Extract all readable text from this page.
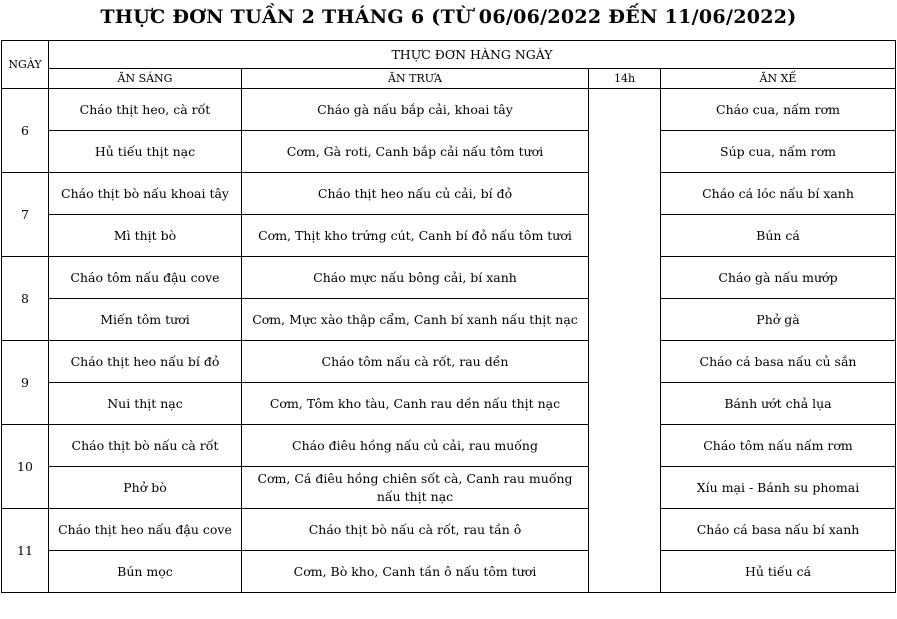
THỰC ĐƠN TUẦN 2 THÁNG 6 (TỪ 06/06/2022 ĐẾN 11/06/2022)
NGÀY	THỰC ĐƠN HÀNG NGÀY			
	ĂN SÁNG	ĂN TRƯA	14h	ĂN XẾ
6	Cháo thịt heo, cà rốt	Cháo gà nấu bắp cải, khoai tây		Cháo cua, nấm rơm
	Hủ tiếu thịt nạc	Cơm, Gà roti, Canh bắp cải nấu tôm tươi		Súp cua, nấm rơm
7	Cháo thịt bò nấu khoai tây	Cháo thịt heo nấu củ cải, bí đỏ		Cháo cá lóc nấu bí xanh
	Mì thịt bò	Cơm, Thịt kho trứng cút, Canh bí đỏ nấu tôm tươi		Bún cá
8	Cháo tôm nấu đậu cove	Cháo mực nấu bông cải, bí xanh		Cháo gà nấu mướp
	Miến tôm tươi	Cơm, Mực xào thập cẩm, Canh bí xanh nấu thịt nạc		Phở gà
9	Cháo thịt heo nấu bí đỏ	Cháo tôm nấu cà rốt, rau dền		Cháo cá basa nấu củ sắn
	Nui thịt nạc	Cơm, Tôm kho tàu, Canh rau dền nấu thịt nạc		Bánh ướt chả lụa
10	Cháo thịt bò nấu cà rốt	Cháo điêu hồng nấu củ cải, rau muống		Cháo tôm nấu nấm rơm
	Phở bò	Cơm, Cá điêu hồng chiên sốt cà, Canh rau muống nấu thịt nạc		Xíu mại - Bánh su phomai
11	Cháo thịt heo nấu đậu cove	Cháo thịt bò nấu cà rốt, rau tần ô		Cháo cá basa nấu bí xanh
	Bún mọc	Cơm, Bò kho, Canh tần ô nấu tôm tươi		Hủ tiếu cá
